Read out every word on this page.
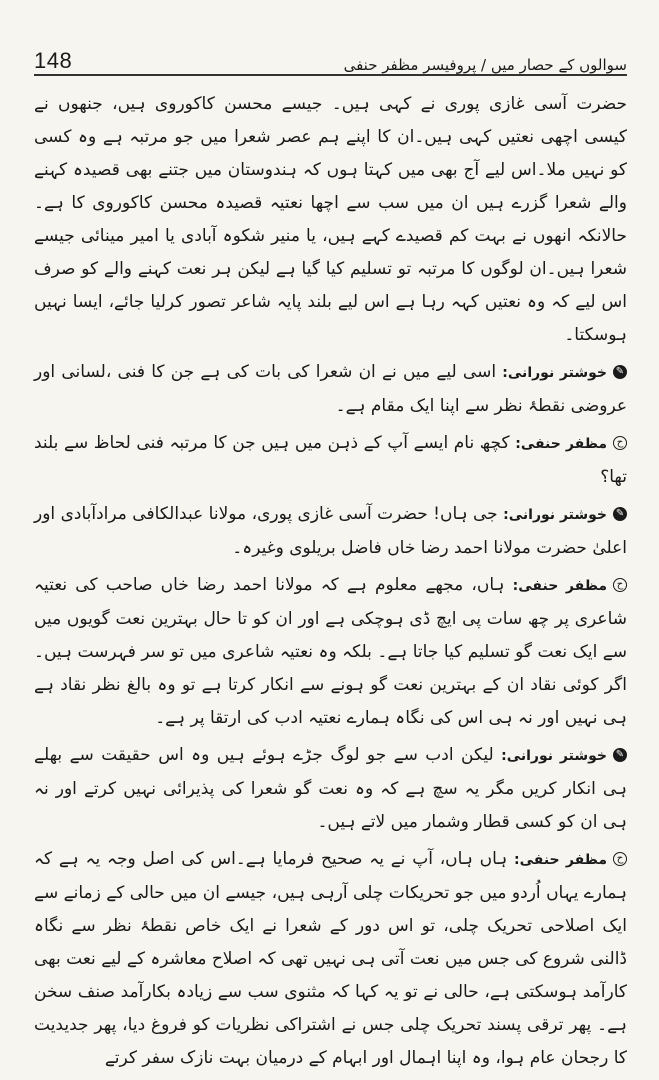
148	سوالوں کے حصار میں / پروفیسر مظفر حنفی

حضرت آسی غازی پوری نے کہی ہیں۔ جیسے محسن کاکوروی ہیں، جنھوں نے کیسی اچھی نعتیں کہی ہیں۔ان کا اپنے ہم عصر شعرا میں جو مرتبہ ہے وہ کسی کو نہیں ملا۔اس لیے آج بھی میں کہتا ہوں کہ ہندوستان میں جتنے بھی قصیدہ کہنے والے شعرا گزرے ہیں ان میں سب سے اچھا نعتیہ قصیدہ محسن کاکوروی کا ہے۔حالانکہ انھوں نے بہت کم قصیدے کہے ہیں، یا منیر شکوہ آبادی یا امیر مینائی جیسے شعرا ہیں۔ان لوگوں کا مرتبہ تو تسلیم کیا گیا ہے لیکن ہر نعت کہنے والے کو صرف اس لیے کہ وہ نعتیں کہہ رہا ہے اس لیے بلند پایہ شاعر تصور کرلیا جائے، ایسا نہیں ہوسکتا۔

✎خوشتر نورانی: اسی لیے میں نے ان شعرا کی بات کی ہے جن کا فنی ،لسانی اور عروضی نقطۂ نظر سے اپنا ایک مقام ہے۔

حمظفر حنفی: کچھ نام ایسے آپ کے ذہن میں ہیں جن کا مرتبہ فنی لحاظ سے بلند تھا؟

✎خوشتر نورانی: جی ہاں! حضرت آسی غازی پوری، مولانا عبدالکافی مرادآبادی اور اعلیٰ حضرت مولانا احمد رضا خاں فاضل بریلوی وغیرہ۔

حمظفر حنفی: ہاں، مجھے معلوم ہے کہ مولانا احمد رضا خاں صاحب کی نعتیہ شاعری پر چھ سات پی ایچ ڈی ہوچکی ہے اور ان کو تا حال بہترین نعت گویوں میں سے ایک نعت گو تسلیم کیا جاتا ہے۔ بلکہ وہ نعتیہ شاعری میں تو سر فہرست ہیں۔اگر کوئی نقاد ان کے بہترین نعت گو ہونے سے انکار کرتا ہے تو وہ بالغ نظر نقاد ہے ہی نہیں اور نہ ہی اس کی نگاہ ہمارے نعتیہ ادب کی ارتقا پر ہے۔

✎خوشتر نورانی: لیکن ادب سے جو لوگ جڑے ہوئے ہیں وہ اس حقیقت سے بھلے ہی انکار کریں مگر یہ سچ ہے کہ وہ نعت گو شعرا کی پذیرائی نہیں کرتے اور نہ ہی ان کو کسی قطار وشمار میں لاتے ہیں۔

حمظفر حنفی: ہاں ہاں، آپ نے یہ صحیح فرمایا ہے۔اس کی اصل وجہ یہ ہے کہ ہمارے یہاں اُردو میں جو تحریکات چلی آرہی ہیں، جیسے ان میں حالی کے زمانے سے ایک اصلاحی تحریک چلی، تو اس دور کے شعرا نے ایک خاص نقطۂ نظر سے نگاہ ڈالنی شروع کی جس میں نعت آتی ہی نہیں تھی کہ اصلاح معاشرہ کے لیے نعت بھی کارآمد ہوسکتی ہے، حالی نے تو یہ کہا کہ مثنوی سب سے زیادہ بکارآمد صنف سخن ہے۔ پھر ترقی پسند تحریک چلی جس نے اشتراکی نظریات کو فروغ دیا، پھر جدیدیت کا رجحان عام ہوا، وہ اپنا اہمال اور ابہام کے درمیان بہت نازک سفر کرتے
